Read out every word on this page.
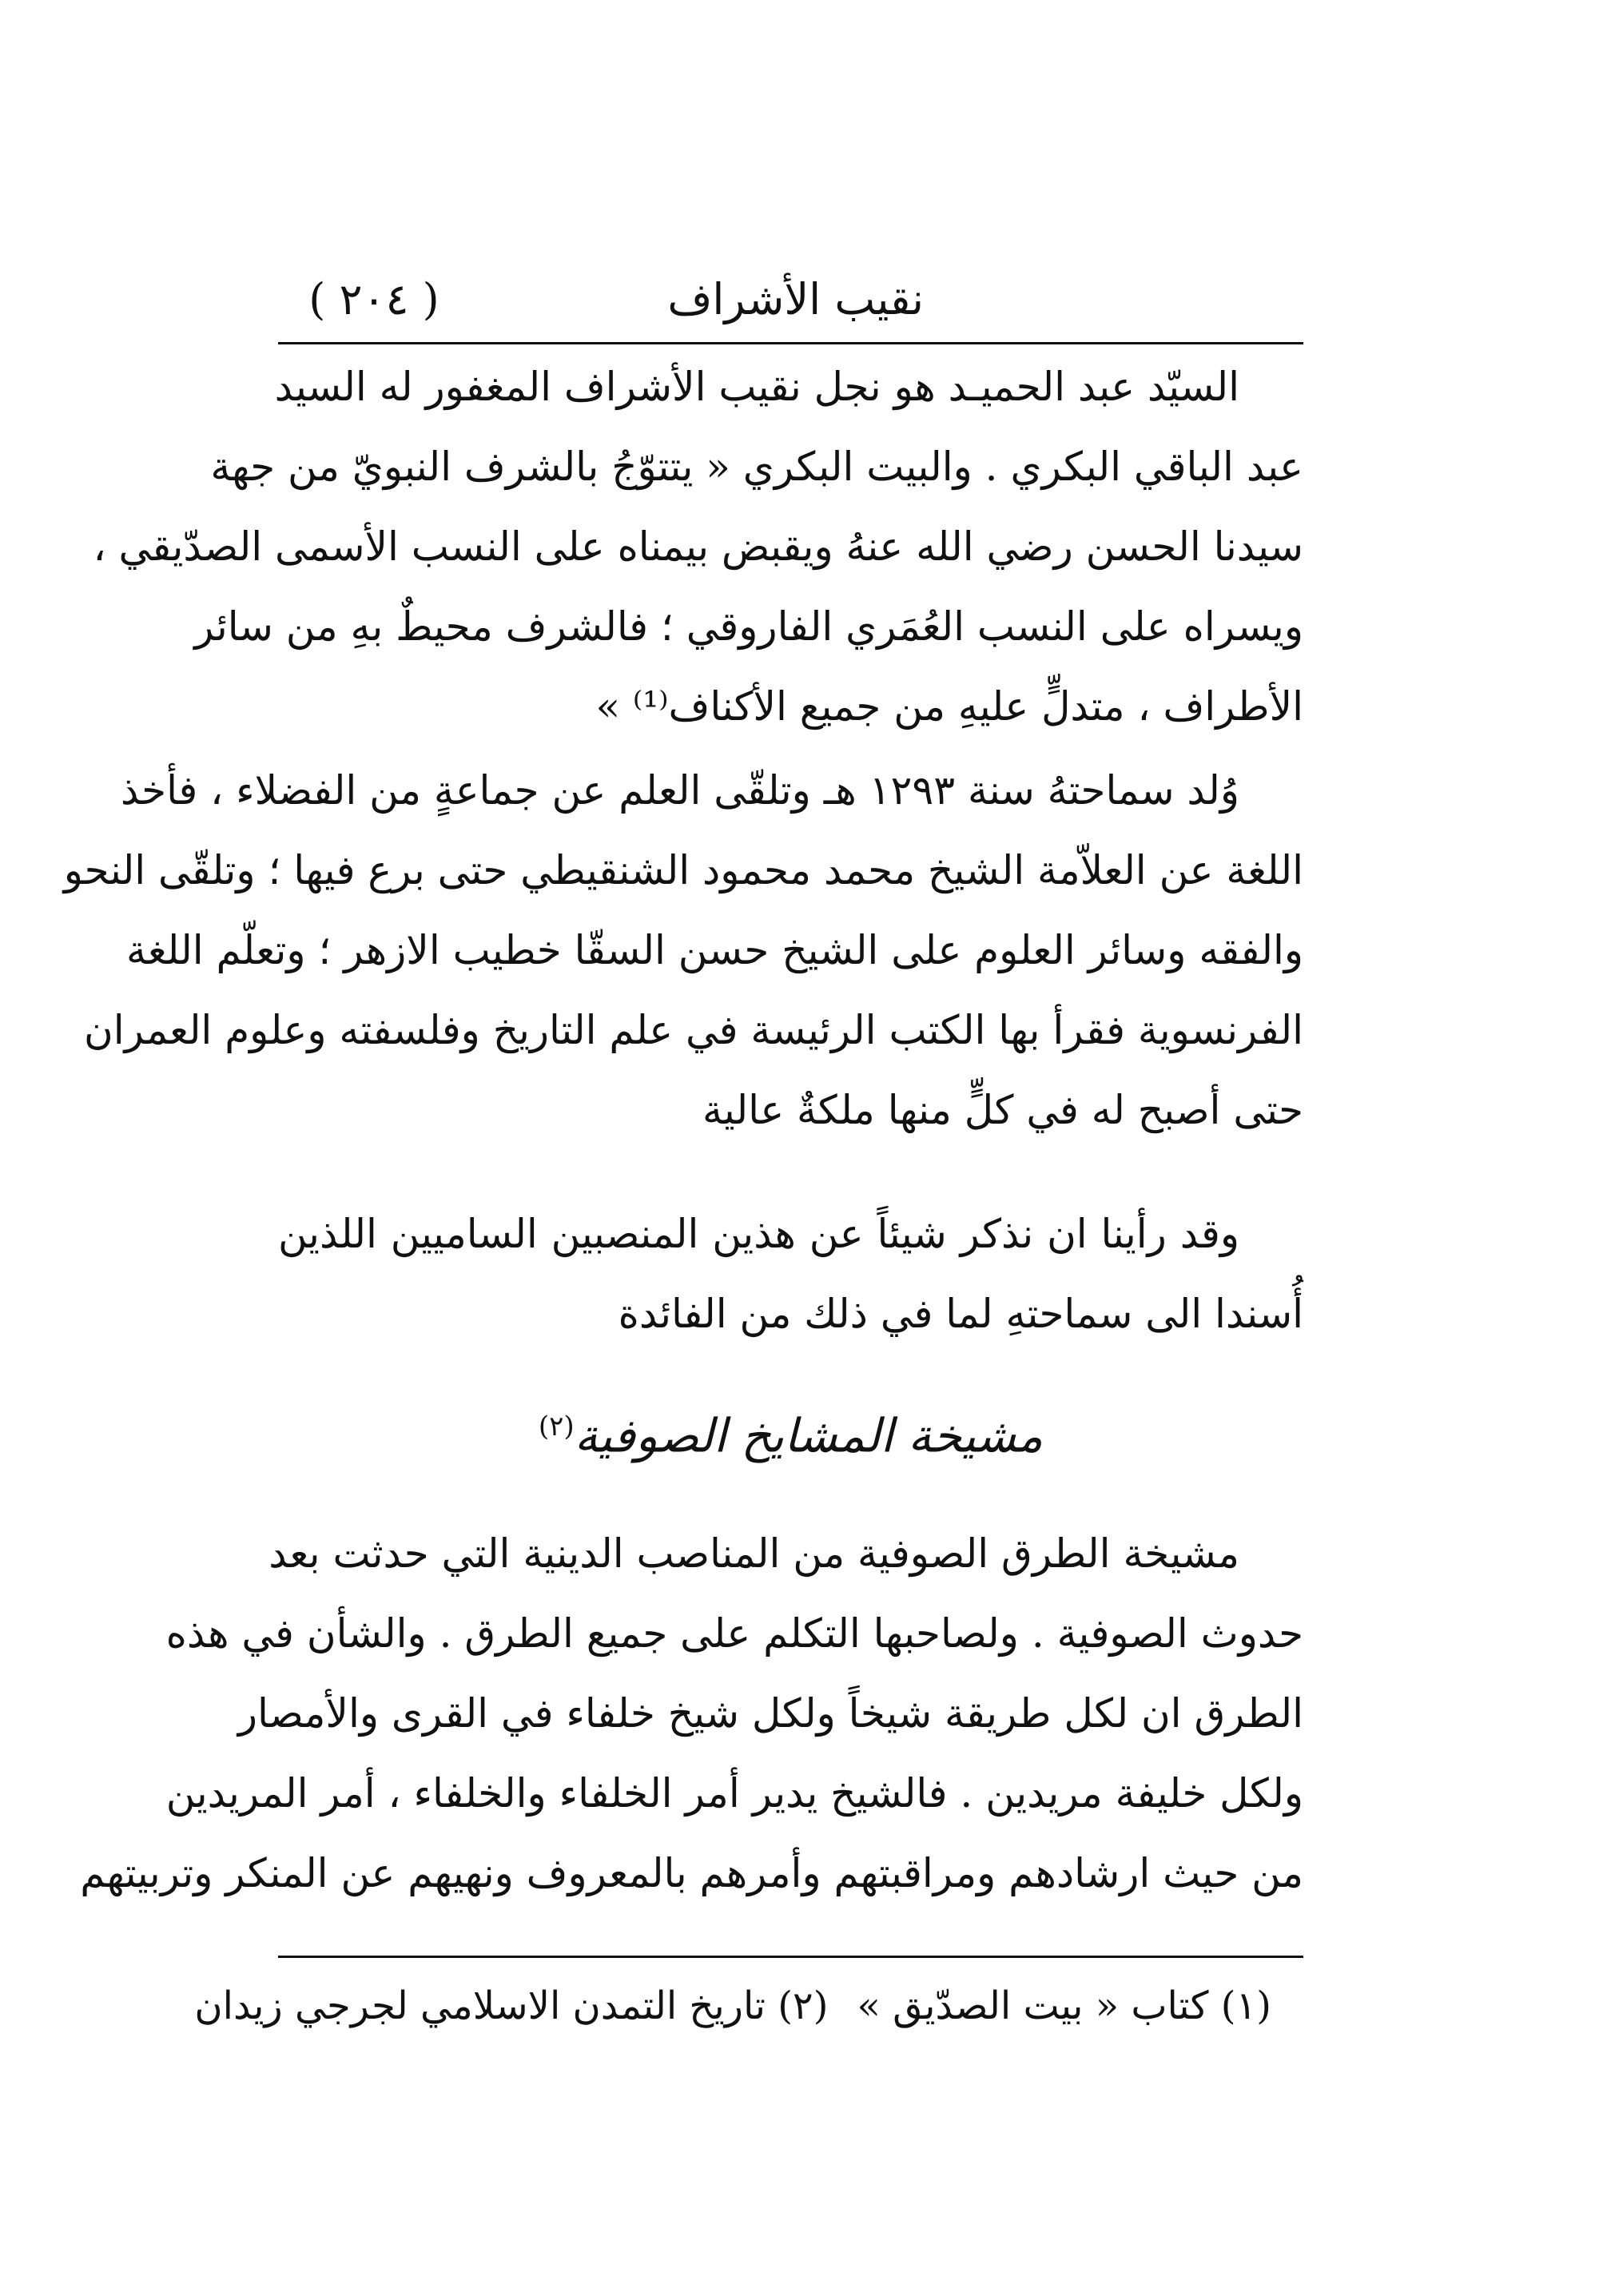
نقيب الأشراف
( ٢٠٤ )
السيّد عبد الحميـد هو نجل نقيب الأشراف المغفور له السيد
عبد الباقي البكري . والبيت البكري « يتتوّجُ بالشرف النبويّ من جهة
سيدنا الحسن رضي الله عنهُ ويقبض بيمناه على النسب الأسمى الصدّيقي ،
ويسراه على النسب العُمَري الفاروقي ؛ فالشرف محيطٌ بهِ من سائر
الأطراف ، متدلٍّ عليهِ من جميع الأكناف⁽¹⁾ »
وُلد سماحتهُ سنة ١٢٩٣ هـ وتلقّى العلم عن جماعةٍ من الفضلاء ، فأخذ
اللغة عن العلاّمة الشيخ محمد محمود الشنقيطي حتى برع فيها ؛ وتلقّى النحو
والفقه وسائر العلوم على الشيخ حسن السقّا خطيب الازهر ؛ وتعلّم اللغة
الفرنسوية فقرأ بها الكتب الرئيسة في علم التاريخ وفلسفته وعلوم العمران
حتى أصبح له في كلٍّ منها ملكةٌ عالية
وقد رأينا ان نذكر شيئاً عن هذين المنصبين الساميين اللذين
أُسندا الى سماحتهِ لما في ذلك من الفائدة
مشيخة المشايخ الصوفية$^{(٢)}$
مشيخة الطرق الصوفية من المناصب الدينية التي حدثت بعد
حدوث الصوفية . ولصاحبها التكلم على جميع الطرق . والشأن في هذه
الطرق ان لكل طريقة شيخاً ولكل شيخ خلفاء في القرى والأمصار
ولكل خليفة مريدين . فالشيخ يدير أمر الخلفاء والخلفاء ، أمر المريدين
من حيث ارشادهم ومراقبتهم وأمرهم بالمعروف ونهيهم عن المنكر وتربيتهم
(١) كتاب « بيت الصدّيق »(٢) تاريخ التمدن الاسلامي لجرجي زيدان
